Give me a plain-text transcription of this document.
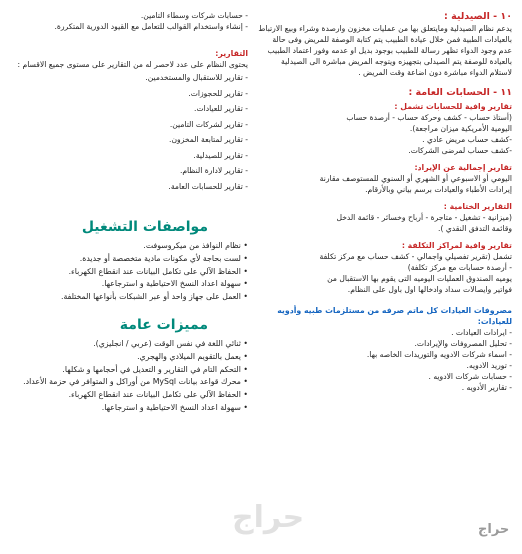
١٠ - الصيدلية :

يدعم نظام الصيدلية ومايتعلق بها من عمليات مخزون وارصدة وشراء وبيع الارتباط بالعيادات الطبية فمن خلال عيادة الطبيب يتم كتابة الوصفة للمريض وفى حالة عدم وجود الدواء تظهر رسالة للطبيب بوجود بديل او عدمه وفور اعتماد الطبيب بالعيادة للوصفة يتم الصيدلى بتجهيزه ويتوجه المريض مباشرة الى الصيدلية لاستلام الدواء مباشرة دون اضاعة وقت المريض .

١١ - الحسابات العامة :
تقارير وافية للحسابات تشمل :
(أستاذ حساب - كشف وحركة حساب - أرصدة حساب
اليومية الأمريكية ميزان مراجعة).
-كشف حساب مريض عادي .
-كشف حساب لمرضى الشركات.
تقارير إجمالية عن الإيراد:
اليومي أو الاسبوعي أو الشهري أو السنوي للمستوصف مقارنة
إيرادات الأطباء والعيادات برسم بياني وبالأرقام.
التقارير الختامية :
(ميزانية - تشغيل - متاجرة - أرباح وخسائر - قائمة الدخل
وقائمة التدفق النقدي ).
تقارير وافية لمراكز التكلفة :
تشمل (تقرير تفصيلي واجمالي - كشف حساب مع مركز تكلفة
- أرصدة حسابات مع مركز تكلفة)
يوميه الصندوق العمليات اليوميه التى يقوم بها الاستقبال من
فواتير وايصالات سداد وادخالها اول باول على النظام.
مصروفات العيادات كل ماتم صرفه من مستلزمات طبيه وأدويه للعيادات:
- ايرادات العيادات .
- تحليل المصروفات والإيرادات.
- اسماء شركات الادويه والتوريدات الخاصه بها.
- توريد الادويه.
- حسابات شركات الادويه .
- تقارير الأدويه .
- حسابات شركات وسطاء التامين.
- إنشاء واستخدام القوالب للتعامل مع القيود الدورية المتكررة.
التقارير:

يحتوى النظام على عدد لاحصر له من التقارير على مستوى جميع الاقسام :

- تقارير للاستقبال والمستخدمين.
- تقارير للحجوزات.
- تقارير للعيادات.
- تقارير لشركات التامين.
- تقارير لمتابعة المخزون.
- تقارير للصيدلية.
- تقارير لادارة النظام.
- تقارير للحسابات العامة.
مواصفات التشغيل
• نظام النوافذ من ميكروسوفت.
• لست بحاجة لأي مكونات مادية متخصصة أو جديدة.
• الحفاظ الآلي على تكامل البيانات عند انقطاع الكهرباء.
• سهولة اعداد النسخ الاحتياطية و استرجاعها.
• العمل على جهاز واحد أو عبر الشبكات بأنواعها المختلفة.
مميزات عامة
• ثنائي اللغة في نفس الوقت (عربي / انجليزي).
• يعمل بالتقويم الميلادي والهجري.
• التحكم التام في التقارير و التعديل في أحجامها و شكلها.
• محرك قواعد بيانات MySql من أوراكل و المتوافر في حزمة الأعداد.
• الحفاظ الآلي على تكامل البيانات عند انقطاع الكهرباء.
• سهولة اعداد النسخ الاحتياطية و استرجاعها.
حراج	حراج
